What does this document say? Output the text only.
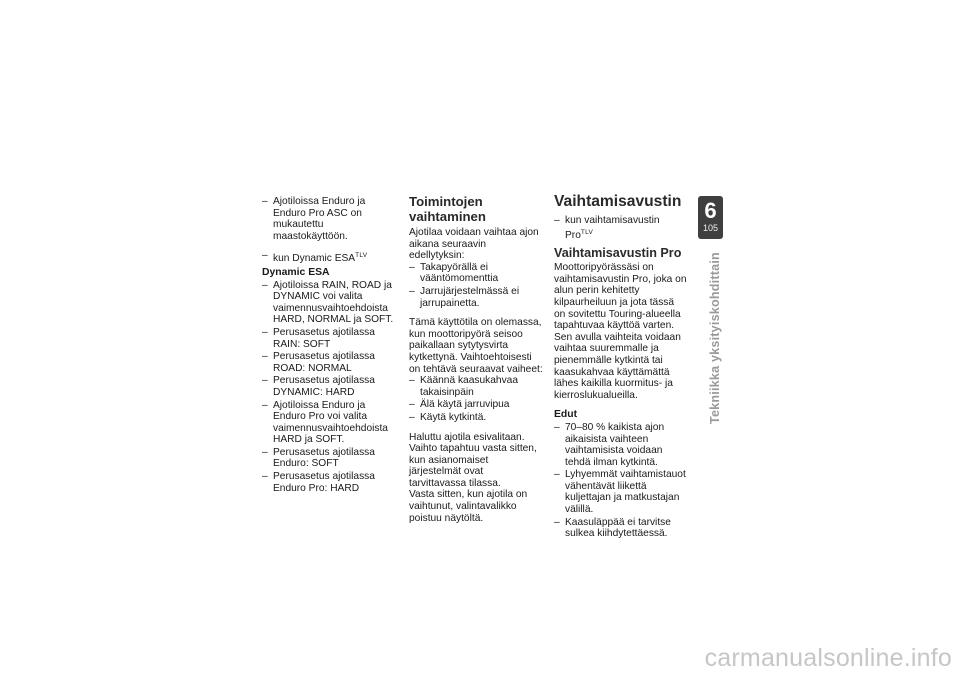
– Ajotiloissa Enduro ja Enduro Pro ASC on mukautettu maastokäyttöön.
– kun Dynamic $ESA^{TLV}$
Dynamic ESA
– Ajotiloissa RAIN, ROAD ja DYNAMIC voi valita vaimennusvaihtoehdoista HARD, NORMAL ja SOFT.
– Perusasetus ajotilassa RAIN: SOFT
– Perusasetus ajotilassa ROAD: NORMAL
– Perusasetus ajotilassa DYNAMIC: HARD
– Ajotiloissa Enduro ja Enduro Pro voi valita vaimennusvaihtoehdoista HARD ja SOFT.
– Perusasetus ajotilassa Enduro: SOFT
– Perusasetus ajotilassa Enduro Pro: HARD
Toimintojen vaihtaminen

Ajotilaa voidaan vaihtaa ajon aikana seuraavin edellytyksin:

– Takapyörällä ei vääntömomenttia
– Jarrujärjestelmässä ei jarrupainetta.

Tämä käyttötila on olemassa, kun moottoripyörä seisoo paikallaan sytytysvirta kytkettynä. Vaihtoehtoisesti on tehtävä seuraavat vaiheet:

– Käännä kaasukahvaa takaisinpäin
– Älä käytä jarruvipua
– Käytä kytkintä.

Haluttu ajotila esivalitaan. Vaihto tapahtuu vasta sitten, kun asianomaiset järjestelmät ovat tarvittavassa tilassa.

Vasta sitten, kun ajotila on vaihtunut, valintavalikko poistuu näytöltä.

Vaihtamisavustin
– kun vaihtamisavustin Pro$^{TLV}$
Vaihtamisavustin Pro

Moottoripyörässäsi on vaihtamisavustin Pro, joka on alun perin kehitetty kilpaurheiluun ja jota tässä on sovitettu Touring-alueella tapahtuvaa käyttöä varten. Sen avulla vaihteita voidaan vaihtaa suuremmalle ja pienemmälle kytkintä tai kaasukahvaa käyttämättä lähes kaikilla kuormitus- ja kierroslukualueilla.

Edut
– 70–80 % kaikista ajon aikaisista vaihteen vaihtamisista voidaan tehdä ilman kytkintä.
– Lyhyemmät vaihtamistauot vähentävät liikettä kuljettajan ja matkustajan välillä.
– Kaasuläppää ei tarvitse sulkea kiihdytettäessä.
6
105
Tekniikka yksityiskohdittain
carmanualsonline.info
